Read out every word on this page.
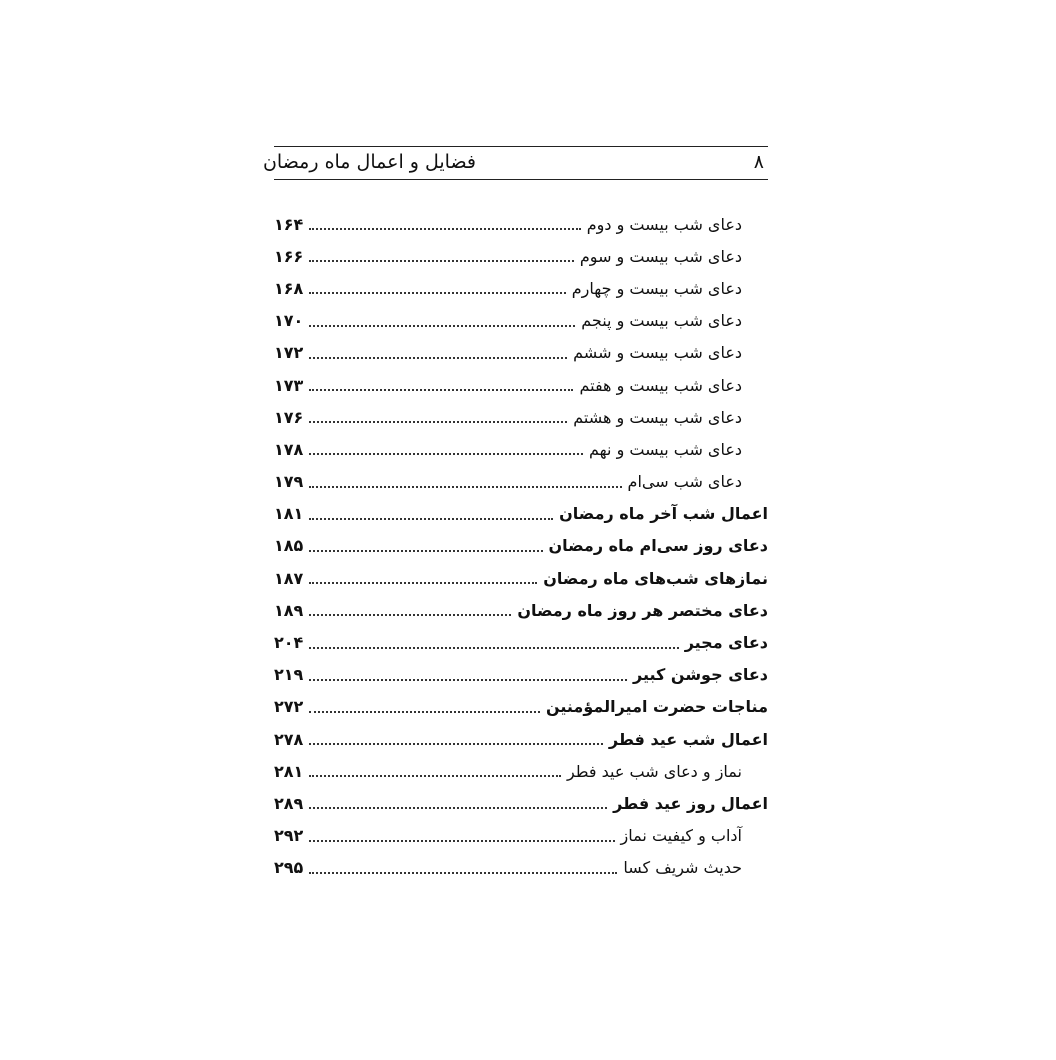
۸
فضایل و اعمال ماه رمضان
دعای شب بیست و دوم
۱۶۴
دعای شب بیست و سوم
۱۶۶
دعای شب بیست و چهارم
۱۶۸
دعای شب بیست و پنجم
۱۷۰
دعای شب بیست و ششم
۱۷۲
دعای شب بیست و هفتم
۱۷۳
دعای شب بیست و هشتم
۱۷۶
دعای شب بیست و نهم
۱۷۸
دعای شب سی‌ام
۱۷۹
اعمال شب آخر ماه رمضان
۱۸۱
دعای روز سی‌ام ماه رمضان
۱۸۵
نمازهای شب‌های ماه رمضان
۱۸۷
دعای مختصر هر روز ماه رمضان
۱۸۹
دعای مجیر
۲۰۴
دعای جوشن کبیر
۲۱۹
مناجات حضرت امیرالمؤمنین
۲۷۲
اعمال شب عید فطر
۲۷۸
نماز و دعای شب عید فطر
۲۸۱
اعمال روز عید فطر
۲۸۹
آداب و کیفیت نماز
۲۹۲
حدیث شریف کسا
۲۹۵
